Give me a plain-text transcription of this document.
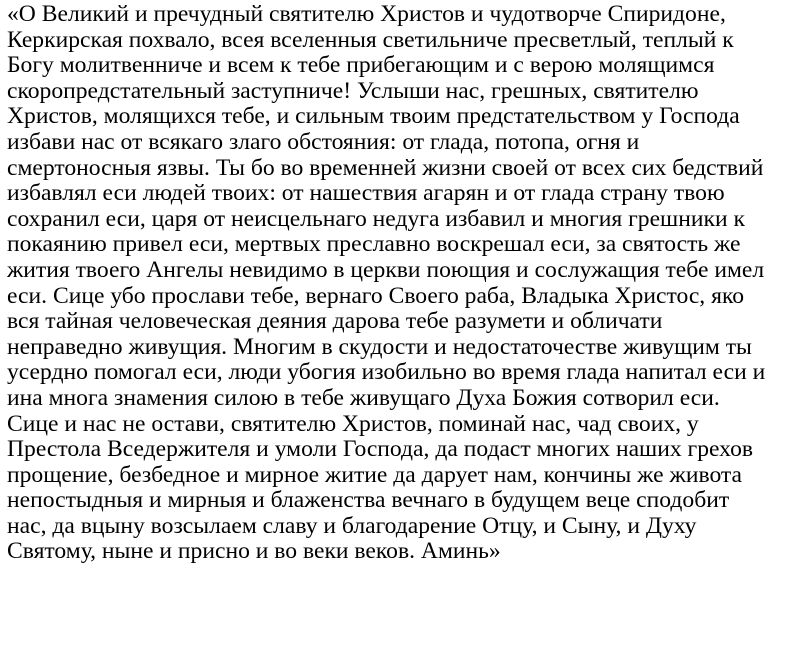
«О Великий и пречудный святителю Христов и чудотворче Спиридоне,
Керкирская похвало, всея вселенныя светильниче пресветлый, теплый к
Богу молитвенниче и всем к тебе прибегающим и с верою молящимся
скоропредстательный заступниче! Услыши нас, грешных, святителю
Христов, молящихся тебе, и сильным твоим предстательством у Господа
избави нас от всякаго злаго обстояния: от глада, потопа, огня и
смертоносныя язвы. Ты бо во временней жизни своей от всех сих бедствий
избавлял еси людей твоих: от нашествия агарян и от глада страну твою
сохранил еси, царя от неисцельнаго недуга избавил и многия грешники к
покаянию привел еси, мертвых преславно воскрешал еси, за святость же
жития твоего Ангелы невидимо в церкви поющия и сослужащия тебе имел
еси. Сице убо прослави тебе, вернаго Своего раба, Владыка Христос, яко
вся тайная человеческая деяния дарова тебе разумети и обличати
неправедно живущия. Многим в скудости и недостаточестве живущим ты
усердно помогал еси, люди убогия изобильно во время глада напитал еси и
ина многа знамения силою в тебе живущаго Духа Божия сотворил еси.
Сице и нас не остави, святителю Христов, поминай нас, чад своих, у
Престола Вседержителя и умоли Господа, да подаст многих наших грехов
прощение, безбедное и мирное житие да дарует нам, кончины же живота
непостыдныя и мирныя и блаженства вечнаго в будущем веце сподобит
нас, да вцыну возсылаем славу и благодарение Отцу, и Сыну, и Духу
Святому, ныне и присно и во веки веков. Аминь»
